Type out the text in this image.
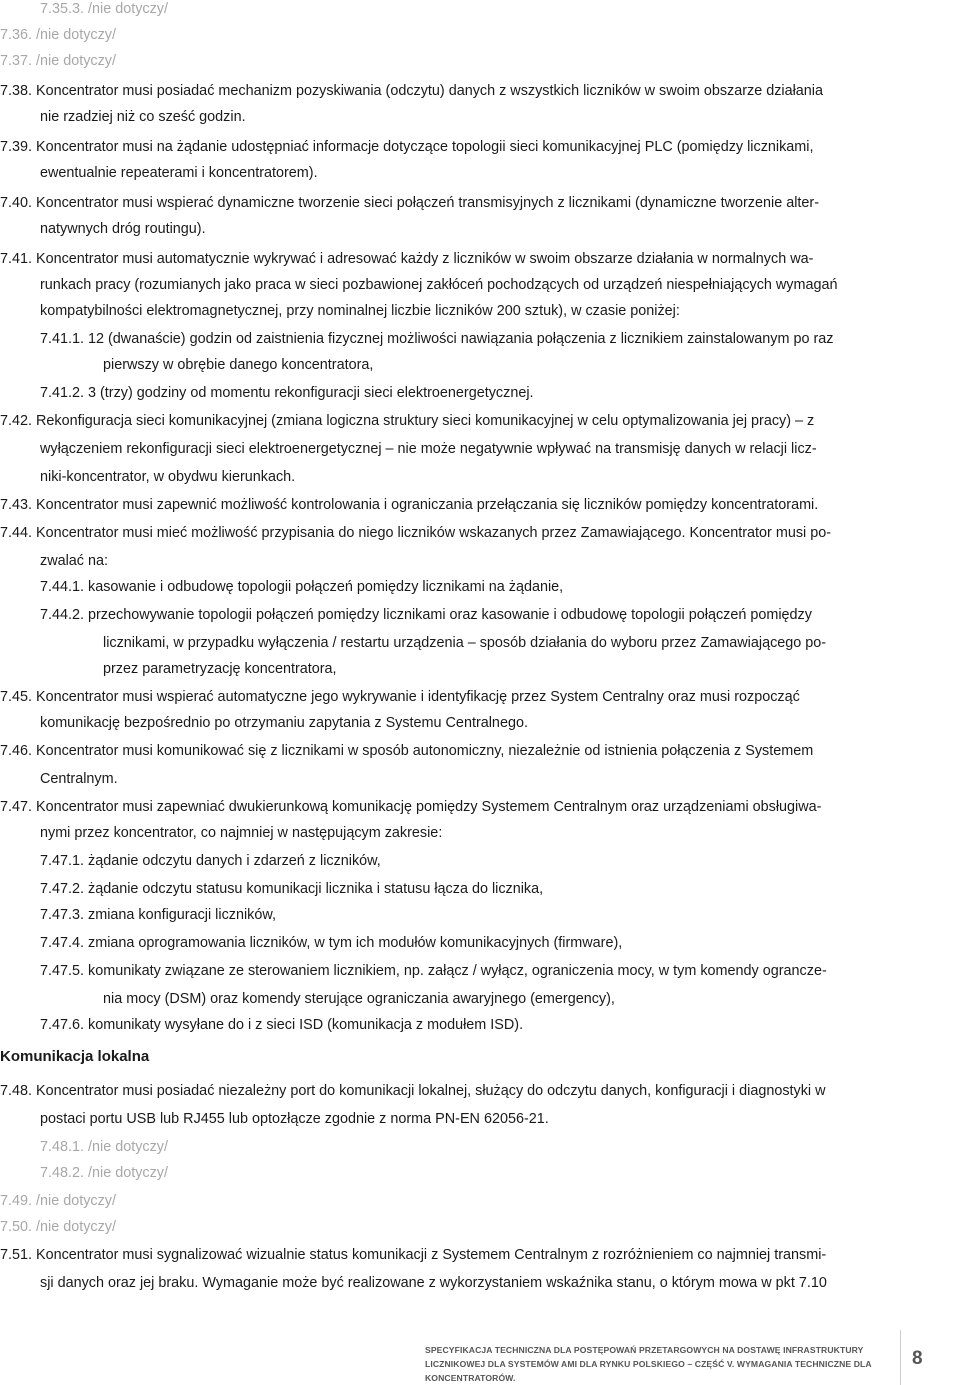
7.35.3. /nie dotyczy/
7.36. /nie dotyczy/
7.37. /nie dotyczy/
7.38. Koncentrator musi posiadać mechanizm pozyskiwania (odczytu) danych z wszystkich liczników w swoim obszarze działania
nie rzadziej niż co sześć godzin.
7.39. Koncentrator musi na żądanie udostępniać informacje dotyczące topologii sieci komunikacyjnej PLC (pomiędzy licznikami,
ewentualnie repeaterami i koncentratorem).
7.40. Koncentrator musi wspierać dynamiczne tworzenie sieci połączeń transmisyjnych z licznikami (dynamiczne tworzenie alter-
natywnych dróg routingu).
7.41. Koncentrator musi automatycznie wykrywać i adresować każdy z liczników w swoim obszarze działania w normalnych wa-
runkach pracy (rozumianych jako praca w sieci pozbawionej zakłóceń pochodzących od urządzeń niespełniających wymagań
kompatybilności elektromagnetycznej, przy nominalnej liczbie liczników 200 sztuk), w czasie poniżej:
7.41.1. 12 (dwanaście) godzin od zaistnienia fizycznej możliwości nawiązania połączenia z licznikiem zainstalowanym po raz
pierwszy w obrębie danego koncentratora,
7.41.2. 3 (trzy) godziny od momentu rekonfiguracji sieci elektroenergetycznej.
7.42. Rekonfiguracja sieci komunikacyjnej (zmiana logiczna struktury sieci komunikacyjnej w celu optymalizowania jej pracy) – z
wyłączeniem rekonfiguracji sieci elektroenergetycznej – nie może negatywnie wpływać na transmisję danych w relacji licz-
niki-koncentrator, w obydwu kierunkach.
7.43. Koncentrator musi zapewnić możliwość kontrolowania i ograniczania przełączania się liczników pomiędzy koncentratorami.
7.44. Koncentrator musi mieć możliwość przypisania do niego liczników wskazanych przez Zamawiającego. Koncentrator musi po-
zwalać na:
7.44.1. kasowanie i odbudowę topologii połączeń pomiędzy licznikami na żądanie,
7.44.2. przechowywanie topologii połączeń pomiędzy licznikami oraz kasowanie i odbudowę topologii połączeń pomiędzy
licznikami, w przypadku wyłączenia / restartu urządzenia – sposób działania do wyboru przez Zamawiającego po-
przez parametryzację koncentratora,
7.45. Koncentrator musi wspierać automatyczne jego wykrywanie i identyfikację przez System Centralny oraz musi rozpocząć
komunikację bezpośrednio po otrzymaniu zapytania z Systemu Centralnego.
7.46. Koncentrator musi komunikować się z licznikami w sposób autonomiczny, niezależnie od istnienia połączenia z Systemem
Centralnym.
7.47. Koncentrator musi zapewniać dwukierunkową komunikację pomiędzy Systemem Centralnym oraz urządzeniami obsługiwa-
nymi przez koncentrator, co najmniej w następującym zakresie:
7.47.1. żądanie odczytu danych i zdarzeń z liczników,
7.47.2. żądanie odczytu statusu komunikacji licznika i statusu łącza do licznika,
7.47.3. zmiana konfiguracji liczników,
7.47.4. zmiana oprogramowania liczników, w tym ich modułów komunikacyjnych (firmware),
7.47.5. komunikaty związane ze sterowaniem licznikiem, np. załącz / wyłącz, ograniczenia mocy, w tym komendy ograncze-
nia mocy (DSM) oraz komendy sterujące ograniczania awaryjnego (emergency),
7.47.6. komunikaty wysyłane do i z sieci ISD (komunikacja z modułem ISD).
Komunikacja lokalna
7.48. Koncentrator musi posiadać niezależny port do komunikacji lokalnej, służący do odczytu danych, konfiguracji i diagnostyki w
postaci portu USB lub RJ455 lub optozłącze zgodnie z norma PN-EN 62056-21.
7.48.1. /nie dotyczy/
7.48.2. /nie dotyczy/
7.49. /nie dotyczy/
7.50. /nie dotyczy/
7.51. Koncentrator musi sygnalizować wizualnie status komunikacji z Systemem Centralnym z rozróżnieniem co najmniej transmi-
sji danych oraz jej braku. Wymaganie może być realizowane z wykorzystaniem wskaźnika stanu, o którym mowa w pkt 7.10
SPECYFIKACJA TECHNICZNA DLA POSTĘPOWAŃ PRZETARGOWYCH NA DOSTAWĘ INFRASTRUKTURY
LICZNIKOWEJ DLA SYSTEMÓW AMI DLA RYNKU POLSKIEGO – CZĘŚĆ V. WYMAGANIA TECHNICZNE DLA
KONCENTRATORÓW.
8
